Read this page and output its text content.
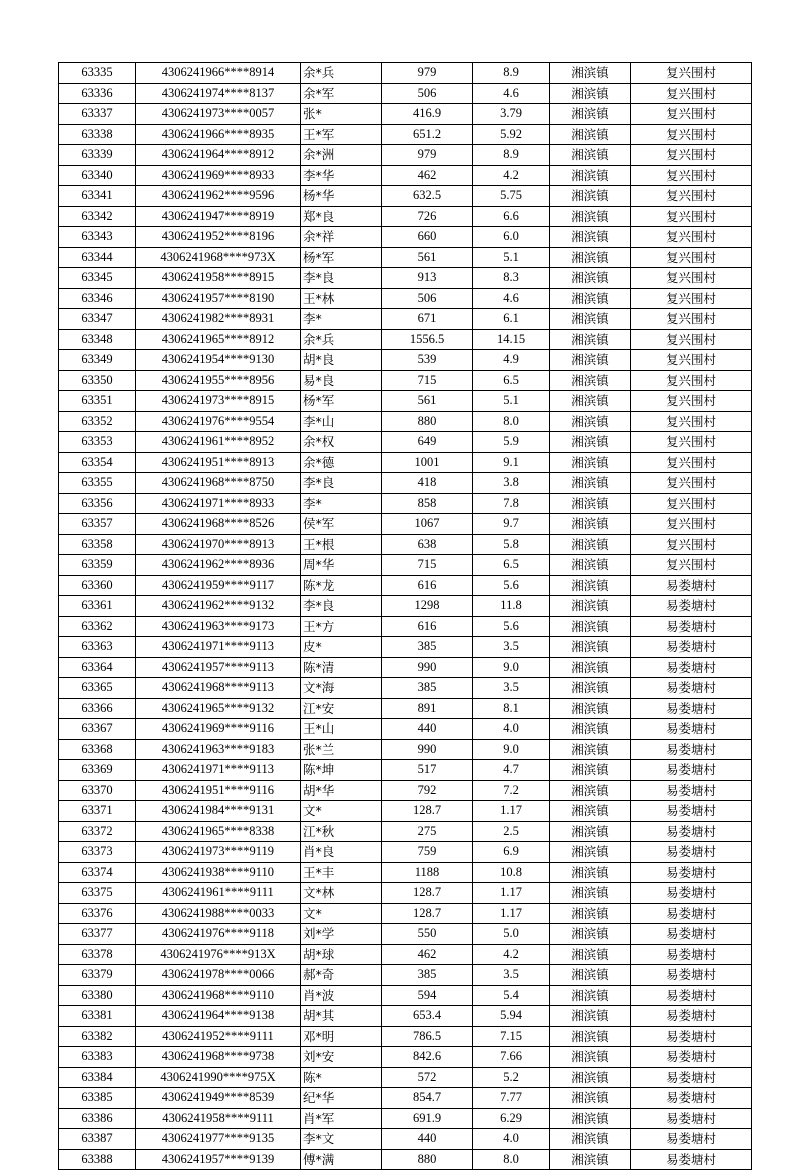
63335	4306241966****8914	余*兵	979	8.9	湘滨镇	复兴围村
63336	4306241974****8137	余*军	506	4.6	湘滨镇	复兴围村
63337	4306241973****0057	张*	416.9	3.79	湘滨镇	复兴围村
63338	4306241966****8935	王*军	651.2	5.92	湘滨镇	复兴围村
63339	4306241964****8912	余*洲	979	8.9	湘滨镇	复兴围村
63340	4306241969****8933	李*华	462	4.2	湘滨镇	复兴围村
63341	4306241962****9596	杨*华	632.5	5.75	湘滨镇	复兴围村
63342	4306241947****8919	郑*良	726	6.6	湘滨镇	复兴围村
63343	4306241952****8196	余*祥	660	6.0	湘滨镇	复兴围村
63344	4306241968****973X	杨*军	561	5.1	湘滨镇	复兴围村
63345	4306241958****8915	李*良	913	8.3	湘滨镇	复兴围村
63346	4306241957****8190	王*林	506	4.6	湘滨镇	复兴围村
63347	4306241982****8931	李*	671	6.1	湘滨镇	复兴围村
63348	4306241965****8912	余*兵	1556.5	14.15	湘滨镇	复兴围村
63349	4306241954****9130	胡*良	539	4.9	湘滨镇	复兴围村
63350	4306241955****8956	易*良	715	6.5	湘滨镇	复兴围村
63351	4306241973****8915	杨*军	561	5.1	湘滨镇	复兴围村
63352	4306241976****9554	李*山	880	8.0	湘滨镇	复兴围村
63353	4306241961****8952	余*权	649	5.9	湘滨镇	复兴围村
63354	4306241951****8913	余*德	1001	9.1	湘滨镇	复兴围村
63355	4306241968****8750	李*良	418	3.8	湘滨镇	复兴围村
63356	4306241971****8933	李*	858	7.8	湘滨镇	复兴围村
63357	4306241968****8526	侯*军	1067	9.7	湘滨镇	复兴围村
63358	4306241970****8913	王*根	638	5.8	湘滨镇	复兴围村
63359	4306241962****8936	周*华	715	6.5	湘滨镇	复兴围村
63360	4306241959****9117	陈*龙	616	5.6	湘滨镇	易娄塘村
63361	4306241962****9132	李*良	1298	11.8	湘滨镇	易娄塘村
63362	4306241963****9173	王*方	616	5.6	湘滨镇	易娄塘村
63363	4306241971****9113	皮*	385	3.5	湘滨镇	易娄塘村
63364	4306241957****9113	陈*清	990	9.0	湘滨镇	易娄塘村
63365	4306241968****9113	文*海	385	3.5	湘滨镇	易娄塘村
63366	4306241965****9132	江*安	891	8.1	湘滨镇	易娄塘村
63367	4306241969****9116	王*山	440	4.0	湘滨镇	易娄塘村
63368	4306241963****9183	张*兰	990	9.0	湘滨镇	易娄塘村
63369	4306241971****9113	陈*坤	517	4.7	湘滨镇	易娄塘村
63370	4306241951****9116	胡*华	792	7.2	湘滨镇	易娄塘村
63371	4306241984****9131	文*	128.7	1.17	湘滨镇	易娄塘村
63372	4306241965****8338	江*秋	275	2.5	湘滨镇	易娄塘村
63373	4306241973****9119	肖*良	759	6.9	湘滨镇	易娄塘村
63374	4306241938****9110	王*丰	1188	10.8	湘滨镇	易娄塘村
63375	4306241961****9111	文*林	128.7	1.17	湘滨镇	易娄塘村
63376	4306241988****0033	文*	128.7	1.17	湘滨镇	易娄塘村
63377	4306241976****9118	刘*学	550	5.0	湘滨镇	易娄塘村
63378	4306241976****913X	胡*球	462	4.2	湘滨镇	易娄塘村
63379	4306241978****0066	郝*奇	385	3.5	湘滨镇	易娄塘村
63380	4306241968****9110	肖*波	594	5.4	湘滨镇	易娄塘村
63381	4306241964****9138	胡*其	653.4	5.94	湘滨镇	易娄塘村
63382	4306241952****9111	邓*明	786.5	7.15	湘滨镇	易娄塘村
63383	4306241968****9738	刘*安	842.6	7.66	湘滨镇	易娄塘村
63384	4306241990****975X	陈*	572	5.2	湘滨镇	易娄塘村
63385	4306241949****8539	纪*华	854.7	7.77	湘滨镇	易娄塘村
63386	4306241958****9111	肖*军	691.9	6.29	湘滨镇	易娄塘村
63387	4306241977****9135	李*文	440	4.0	湘滨镇	易娄塘村
63388	4306241957****9139	傅*满	880	8.0	湘滨镇	易娄塘村
